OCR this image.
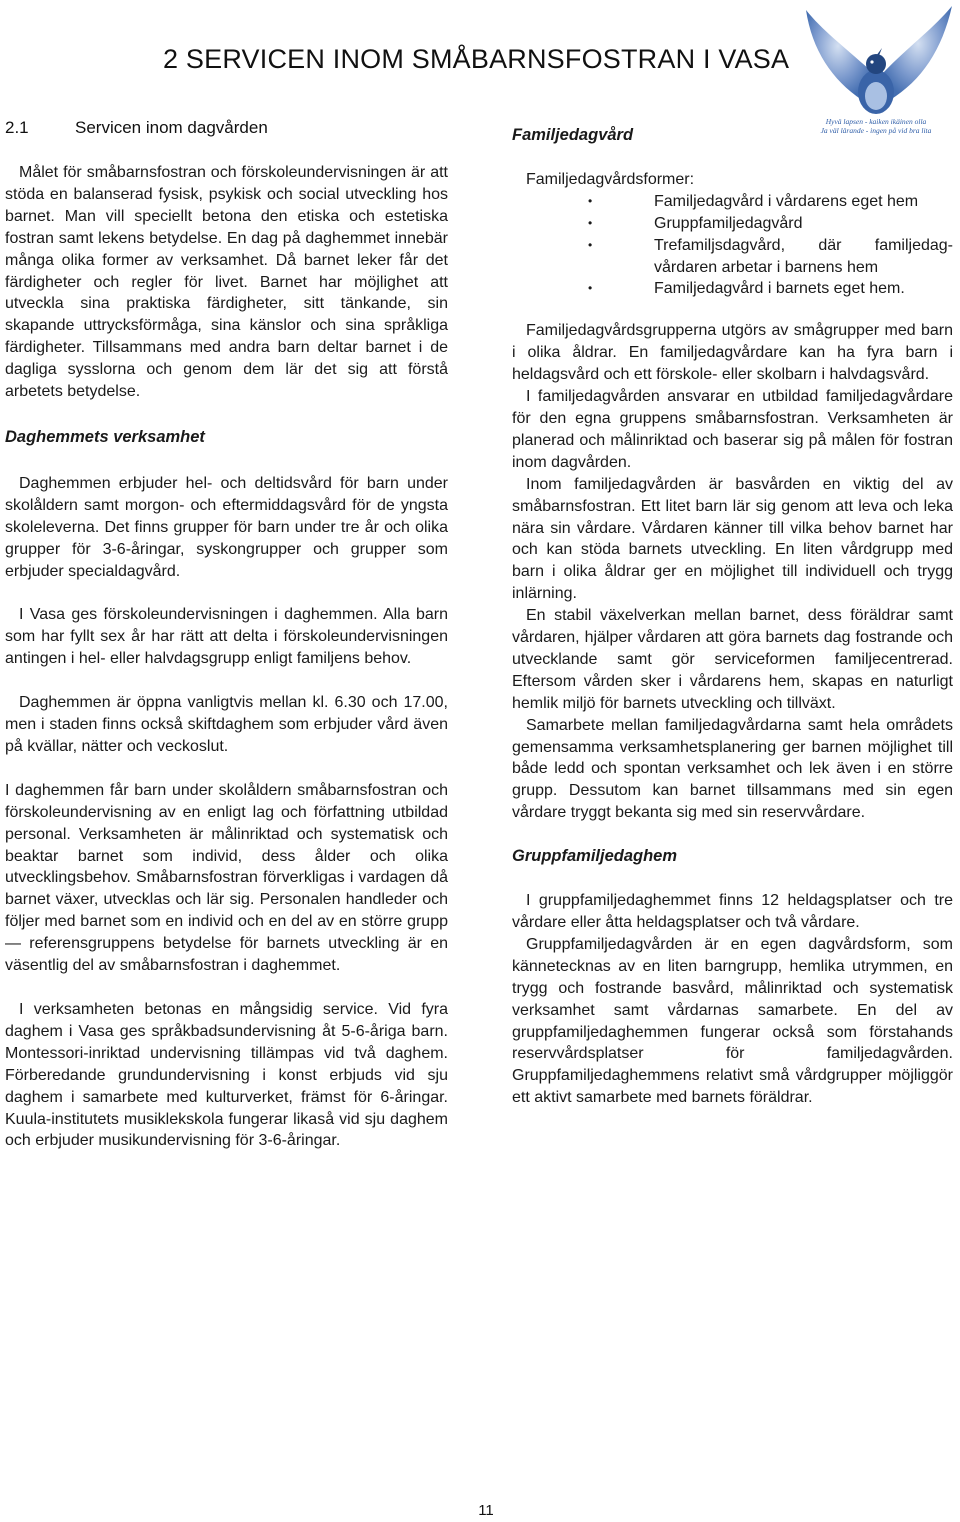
2 SERVICEN INOM SMÅBARNSFOSTRAN I VASA
Hyvä lapsen - kaiken ikäinen olla
Ja väl lärande - ingen på vid bra lita
2.1	Servicen inom dagvården

Målet för småbarnsfostran och förskoleundervisningen är att stöda en balanserad fysisk, psykisk och social utveckling hos barnet. Man vill speciellt betona den etiska och estetiska fostran samt lekens betydelse. En dag på daghemmet innebär många olika former av verksamhet. Då barnet leker får det färdigheter och regler för livet. Barnet har möjlighet att utveckla sina praktiska färdigheter, sitt tänkande, sin skapande uttrycksförmåga, sina känslor och sina språkliga färdigheter. Tillsammans med andra barn deltar barnet i de dagliga sysslorna och genom dem lär det sig att förstå arbetets betydelse.

Daghemmets verksamhet

Daghemmen erbjuder hel- och deltidsvård för barn under skolåldern samt morgon- och eftermiddagsvård för de yngsta skoleleverna. Det finns grupper för barn under tre år och olika grupper för 3-6-åringar, syskongrupper och grupper som erbjuder specialdagvård.

I Vasa ges förskoleundervisningen i daghemmen. Alla barn som har fyllt sex år har rätt att delta i förskoleundervisningen antingen i hel- eller halvdagsgrupp enligt familjens behov.

Daghemmen är öppna vanligtvis mellan kl. 6.30 och 17.00, men i staden finns också skiftdaghem som erbjuder vård även på kvällar, nätter och veckoslut.

I daghemmen får barn under skolåldern småbarnsfostran och förskoleundervisning av en enligt lag och författning utbildad personal. Verksamheten är målinriktad och systematisk och beaktar barnet som individ, dess ålder och olika utvecklingsbehov. Småbarnsfostran förverkligas i vardagen då barnet växer, utvecklas och lär sig. Personalen handleder och följer med barnet som en individ och en del av en större grupp — referensgruppens betydelse för barnets utveckling är en väsentlig del av småbarnsfostran i daghemmet.

I verksamheten betonas en mångsidig service. Vid fyra daghem i Vasa ges språkbadsundervisning åt 5-6-åriga barn. Montessori-inriktad undervisning tillämpas vid två daghem. Förberedande grundundervisning i konst erbjuds vid sju daghem i samarbete med kulturverket, främst för 6-åringar. Kuula-institutets musiklekskola fungerar likaså vid sju daghem och erbjuder musikundervisning för 3-6-åringar.

Familjedagvård

Familjedagvårdsformer:

•	Familjedagvård i vårdarens eget hem
•	Gruppfamiljedagvård
•	Trefamiljsdagvård, där familjedagvårdaren arbetar i barnens hem
•	Familjedagvård i barnets eget hem.

Familjedagvårdsgrupperna utgörs av smågrupper med barn i olika åldrar. En familjedagvårdare kan ha fyra barn i heldagsvård och ett förskole- eller skolbarn i halvdagsvård.

I familjedagvården ansvarar en utbildad familjedagvårdare för den egna gruppens småbarnsfostran. Verksamheten är planerad och målinriktad och baserar sig på målen för fostran inom dagvården.

Inom familjedagvården är basvården en viktig del av småbarnsfostran. Ett litet barn lär sig genom att leva och leka nära sin vårdare. Vårdaren känner till vilka behov barnet har och kan stöda barnets utveckling. En liten vårdgrupp med barn i olika åldrar ger en möjlighet till individuell och trygg inlärning.

En stabil växelverkan mellan barnet, dess föräldrar samt vårdaren, hjälper vårdaren att göra barnets dag fostrande och utvecklande samt gör serviceformen familjecentrerad. Eftersom vården sker i vårdarens hem, skapas en naturligt hemlik miljö för barnets utveckling och tillväxt.

Samarbete mellan familjedagvårdarna samt hela områdets gemensamma verksamhetsplanering ger barnen möjlighet till både ledd och spontan verksamhet och lek även i en större grupp. Dessutom kan barnet tillsammans med sin egen vårdare tryggt bekanta sig med sin reservvårdare.

Gruppfamiljedaghem

I gruppfamiljedaghemmet finns 12 heldagsplatser och tre vårdare eller åtta heldagsplatser och två vårdare.

Gruppfamiljedagvården är en egen dagvårdsform, som kännetecknas av en liten barngrupp, hemlika utrymmen, en trygg och fostrande basvård, målinriktad och systematisk verksamhet samt vårdarnas samarbete. En del av gruppfamiljedaghemmen fungerar också som förstahands reservvårdsplatser för familjedagvården. Gruppfamiljedaghemmens relativt små vårdgrupper möjliggör ett aktivt samarbete med barnets föräldrar.

11
